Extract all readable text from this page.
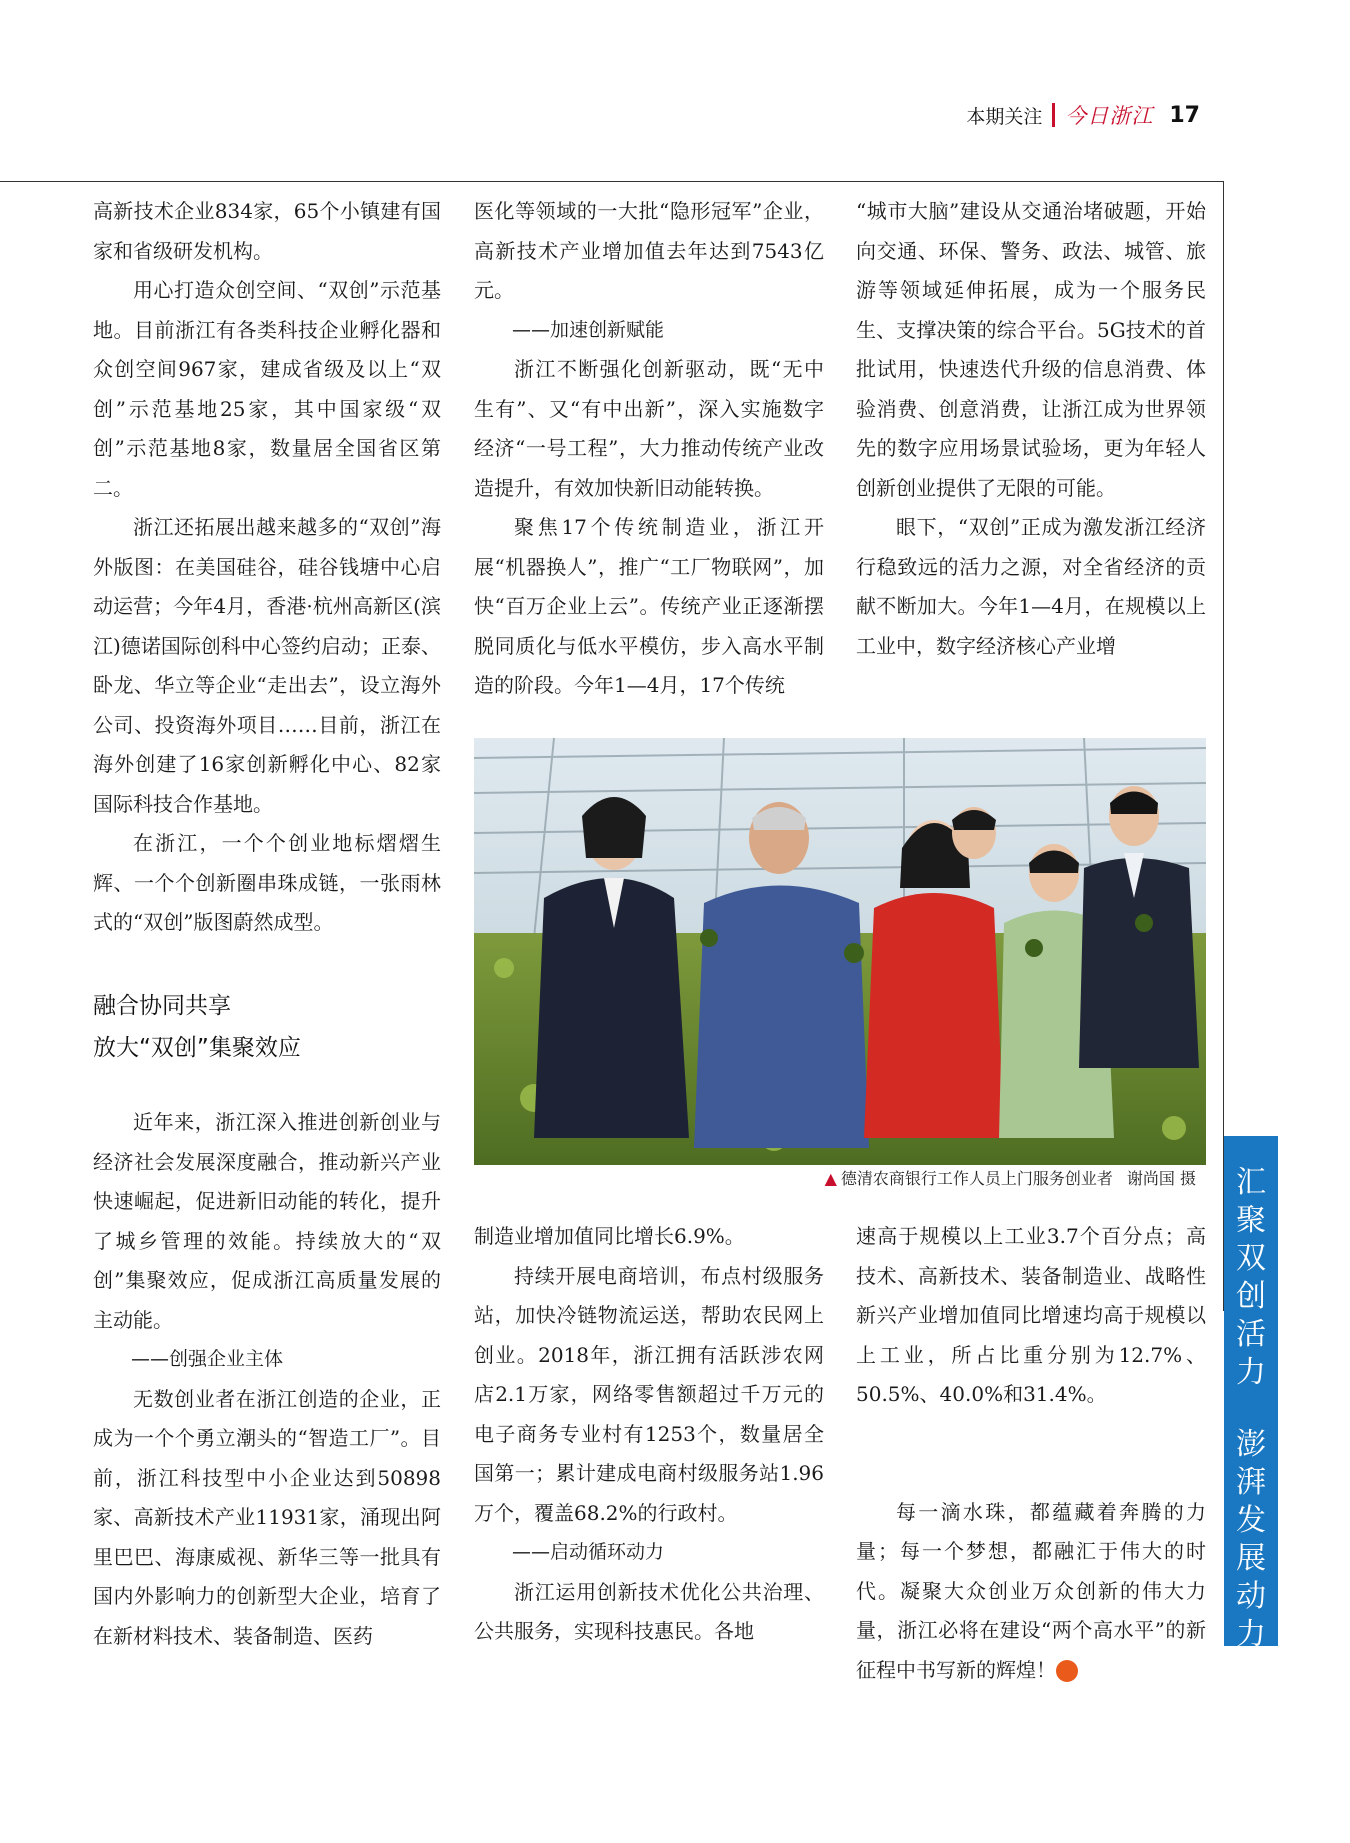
本期关注 今日浙江 17

高新技术企业834家，65个小镇建有国家和省级研发机构。

用心打造众创空间、“双创”示范基地。目前浙江有各类科技企业孵化器和众创空间967家，建成省级及以上“双创”示范基地25家，其中国家级“双创”示范基地8家，数量居全国省区第二。

浙江还拓展出越来越多的“双创”海外版图：在美国硅谷，硅谷钱塘中心启动运营；今年4月，香港·杭州高新区(滨江)德诺国际创科中心签约启动；正泰、卧龙、华立等企业“走出去”，设立海外公司、投资海外项目……目前，浙江在海外创建了16家创新孵化中心、82家国际科技合作基地。

在浙江，一个个创业地标熠熠生辉、一个个创新圈串珠成链，一张雨林式的“双创”版图蔚然成型。

融合协同共享
放大“双创”集聚效应

近年来，浙江深入推进创新创业与经济社会发展深度融合，推动新兴产业快速崛起，促进新旧动能的转化，提升了城乡管理的效能。持续放大的“双创”集聚效应，促成浙江高质量发展的主动能。

——创强企业主体

无数创业者在浙江创造的企业，正成为一个个勇立潮头的“智造工厂”。目前，浙江科技型中小企业达到50898家、高新技术产业11931家，涌现出阿里巴巴、海康威视、新华三等一批具有国内外影响力的创新型大企业，培育了在新材料技术、装备制造、医药

医化等领域的一大批“隐形冠军”企业，高新技术产业增加值去年达到7543亿元。

——加速创新赋能

浙江不断强化创新驱动，既“无中生有”、又“有中出新”，深入实施数字经济“一号工程”，大力推动传统产业改造提升，有效加快新旧动能转换。

聚焦17个传统制造业，浙江开展“机器换人”，推广“工厂物联网”，加快“百万企业上云”。传统产业正逐渐摆脱同质化与低水平模仿，步入高水平制造的阶段。今年1—4月，17个传统

制造业增加值同比增长6.9%。

持续开展电商培训，布点村级服务站，加快冷链物流运送，帮助农民网上创业。2018年，浙江拥有活跃涉农网店2.1万家，网络零售额超过千万元的电子商务专业村有1253个，数量居全国第一；累计建成电商村级服务站1.96万个，覆盖68.2%的行政村。

——启动循环动力

浙江运用创新技术优化公共治理、公共服务，实现科技惠民。各地

“城市大脑”建设从交通治堵破题，开始向交通、环保、警务、政法、城管、旅游等领域延伸拓展，成为一个服务民生、支撑决策的综合平台。5G技术的首批试用，快速迭代升级的信息消费、体验消费、创意消费，让浙江成为世界领先的数字应用场景试验场，更为年轻人创新创业提供了无限的可能。

眼下，“双创”正成为激发浙江经济行稳致远的活力之源，对全省经济的贡献不断加大。今年1—4月，在规模以上工业中，数字经济核心产业增

速高于规模以上工业3.7个百分点；高技术、高新技术、装备制造业、战略性新兴产业增加值同比增速均高于规模以上工业，所占比重分别为12.7%、50.5%、40.0%和31.4%。

每一滴水珠，都蕴藏着奔腾的力量；每一个梦想，都融汇于伟大的时代。凝聚大众创业万众创新的伟大力量，浙江必将在建设“两个高水平”的新征程中书写新的辉煌！	今

▲ 德清农商银行工作人员上门服务创业者 谢尚国 摄	汇
聚
双
创
活
力
澎
湃
发
展
动
力
